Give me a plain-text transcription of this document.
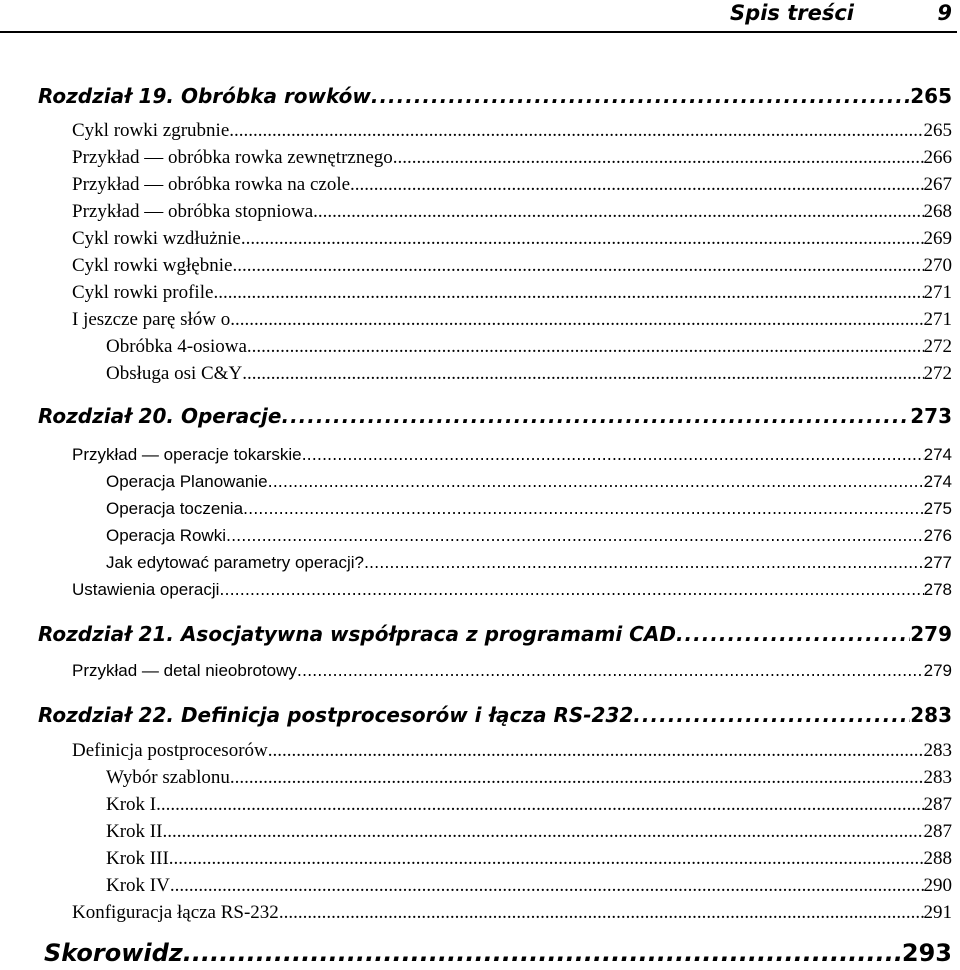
Spis treści	9
Rozdział 19. Obróbka rowków .....	265
Cykl rowki zgrubnie .....	265
Przykład — obróbka rowka zewnętrznego .....	266
Przykład — obróbka rowka na czole .....	267
Przykład — obróbka stopniowa .....	268
Cykl rowki wzdłużnie .....	269
Cykl rowki wgłębnie .....	270
Cykl rowki profile .....	271
I jeszcze parę słów o... .....	271
Obróbka 4-osiowa .....	272
Obsługa osi C&Y .....	272
Rozdział 20. Operacje .....	273
Przykład — operacje tokarskie .....	274
Operacja Planowanie .....	274
Operacja toczenia .....	275
Operacja Rowki .....	276
Jak edytować parametry operacji? .....	277
Ustawienia operacji .....	278
Rozdział 21. Asocjatywna współpraca z programami CAD .....	279
Przykład — detal nieobrotowy .....	279
Rozdział 22. Definicja postprocesorów i łącza RS-232 .....	283
Definicja postprocesorów .....	283
Wybór szablonu .....	283
Krok I .....	287
Krok II .....	287
Krok III .....	288
Krok IV .....	290
Konfiguracja łącza RS-232 .....	291
Skorowidz .....	293
